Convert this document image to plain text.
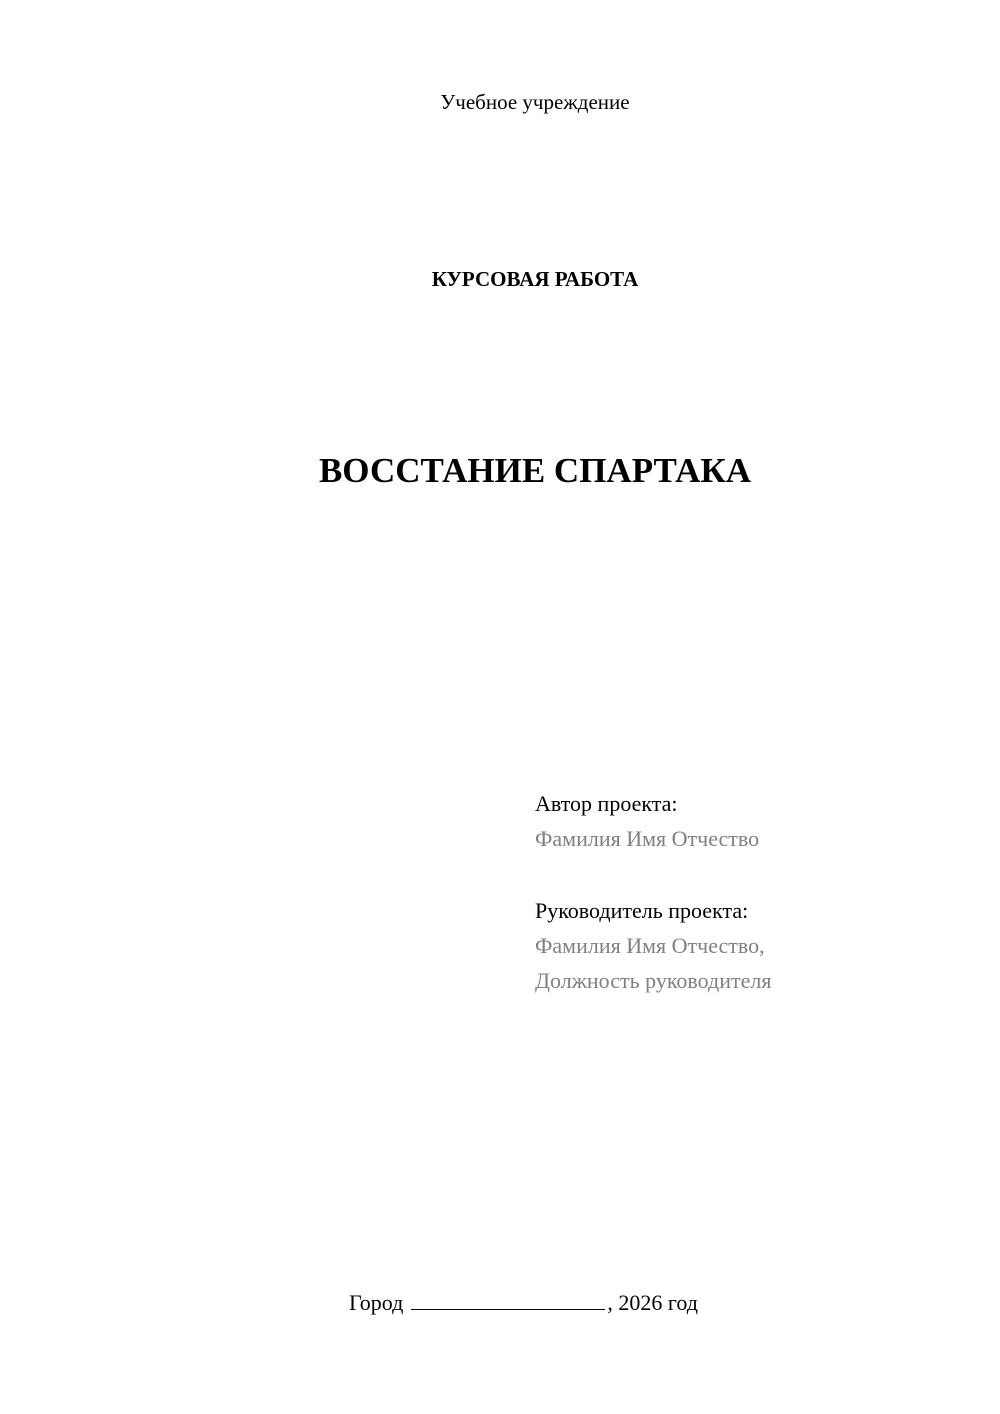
Учебное учреждение
КУРСОВАЯ РАБОТА
ВОССТАНИЕ СПАРТАКА
Автор проекта:
Фамилия Имя Отчество
Руководитель проекта:
Фамилия Имя Отчество,
Должность руководителя
Город	, 2026 год
